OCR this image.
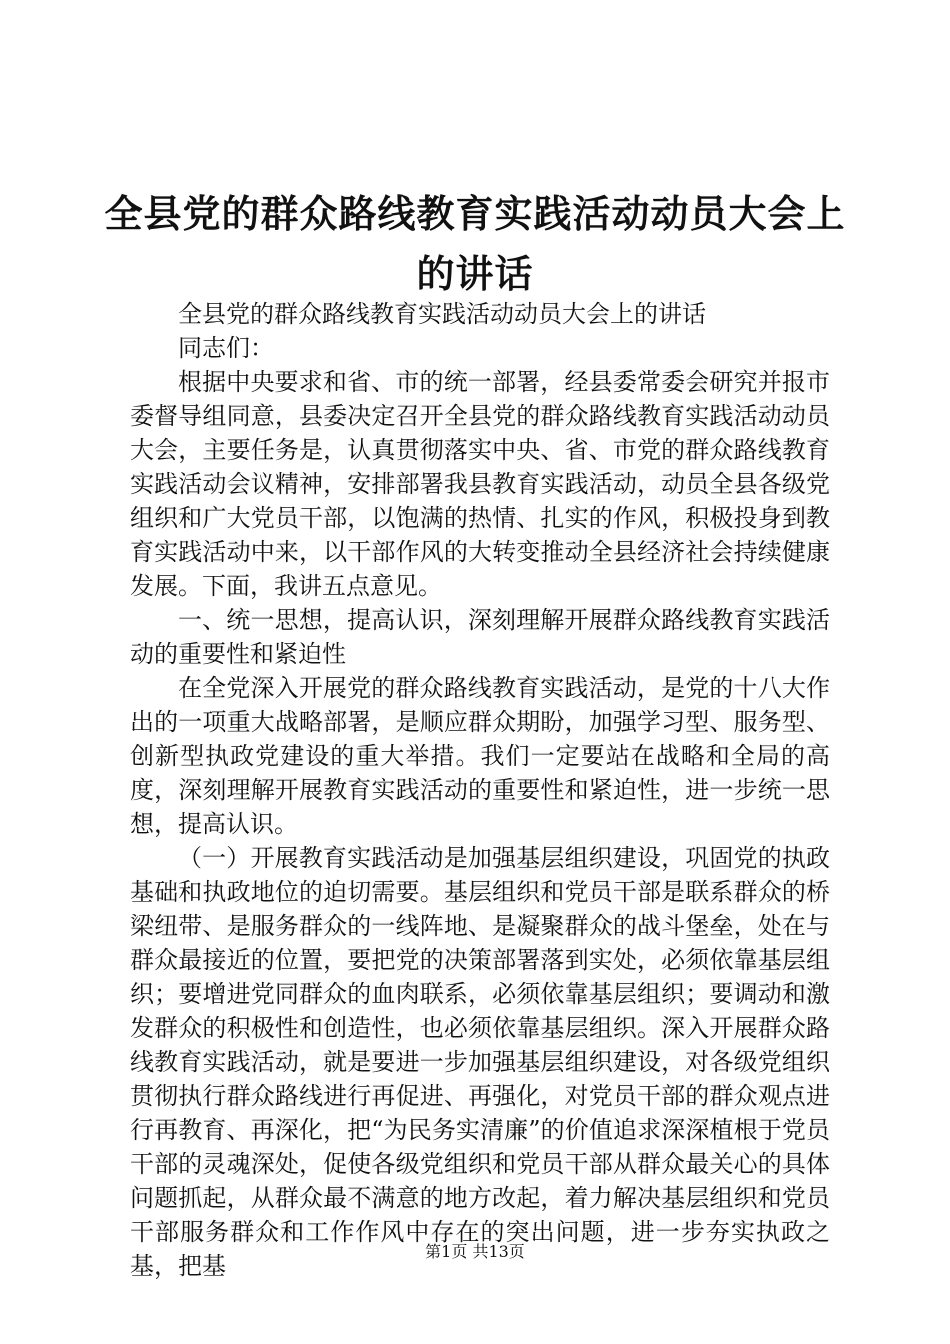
全县党的群众路线教育实践活动动员大会上的讲话

全县党的群众路线教育实践活动动员大会上的讲话

同志们：

根据中央要求和省、市的统一部署，经县委常委会研究并报市委督导组同意，县委决定召开全县党的群众路线教育实践活动动员大会，主要任务是，认真贯彻落实中央、省、市党的群众路线教育实践活动会议精神，安排部署我县教育实践活动，动员全县各级党组织和广大党员干部，以饱满的热情、扎实的作风，积极投身到教育实践活动中来，以干部作风的大转变推动全县经济社会持续健康发展。下面，我讲五点意见。

一、统一思想，提高认识，深刻理解开展群众路线教育实践活动的重要性和紧迫性

在全党深入开展党的群众路线教育实践活动，是党的十八大作出的一项重大战略部署，是顺应群众期盼，加强学习型、服务型、创新型执政党建设的重大举措。我们一定要站在战略和全局的高度，深刻理解开展教育实践活动的重要性和紧迫性，进一步统一思想，提高认识。

（一）开展教育实践活动是加强基层组织建设，巩固党的执政基础和执政地位的迫切需要。基层组织和党员干部是联系群众的桥梁纽带、是服务群众的一线阵地、是凝聚群众的战斗堡垒，处在与群众最接近的位置，要把党的决策部署落到实处，必须依靠基层组织；要增进党同群众的血肉联系，必须依靠基层组织；要调动和激发群众的积极性和创造性，也必须依靠基层组织。深入开展群众路线教育实践活动，就是要进一步加强基层组织建设，对各级党组织贯彻执行群众路线进行再促进、再强化，对党员干部的群众观点进行再教育、再深化，把“为民务实清廉”的价值追求深深植根于党员干部的灵魂深处，促使各级党组织和党员干部从群众最关心的具体问题抓起，从群众最不满意的地方改起，着力解决基层组织和党员干部服务群众和工作作风中存在的突出问题，进一步夯实执政之基，把基

第1页 共13页
